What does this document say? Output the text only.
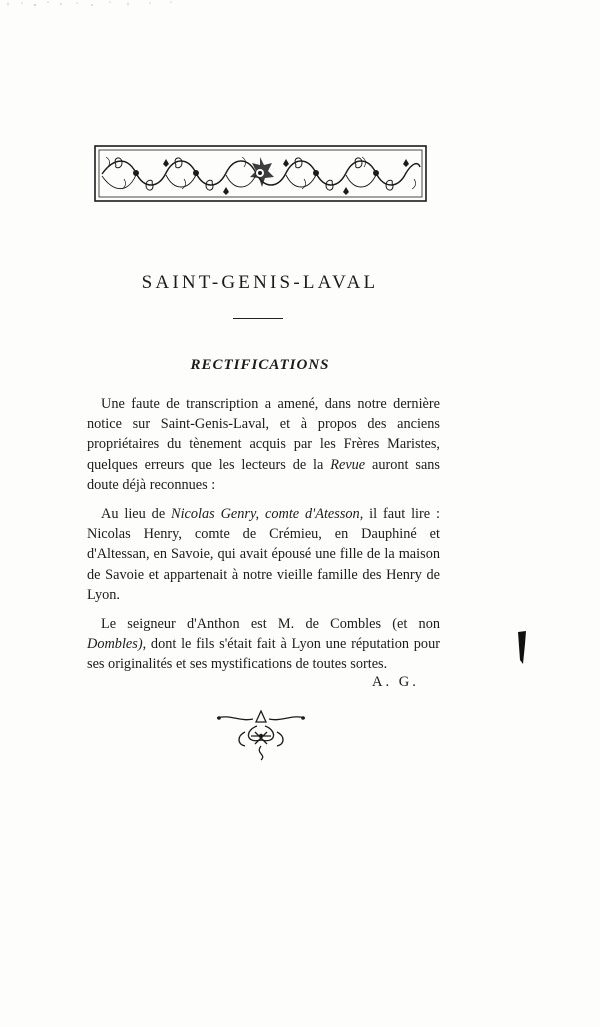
SAINT-GENIS-LAVAL
RECTIFICATIONS

Une faute de transcription a amené, dans notre dernière notice sur Saint-Genis-Laval, et à propos des anciens propriétaires du tènement acquis par les Frères Maristes, quelques erreurs que les lecteurs de la Revue auront sans doute déjà reconnues :

Au lieu de Nicolas Genry, comte d'Atesson, il faut lire : Nicolas Henry, comte de Crémieu, en Dauphiné et d'Altessan, en Savoie, qui avait épousé une fille de la maison de Savoie et appartenait à notre vieille famille des Henry de Lyon.

Le seigneur d'Anthon est M. de Combles (et non Dombles), dont le fils s'était fait à Lyon une réputation pour ses originalités et ses mystifications de toutes sortes.

A. G.
